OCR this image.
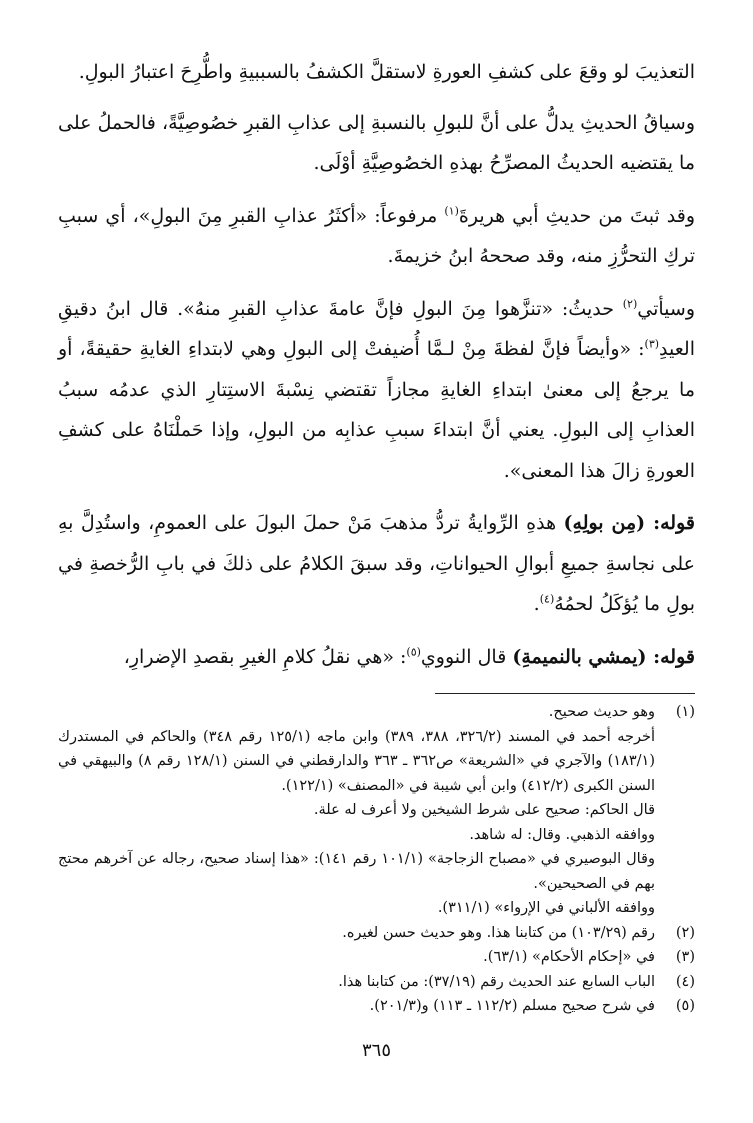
التعذيبَ لو وقعَ على كشفِ العورةِ لاستقلَّ الكشفُ بالسببيةِ واطُّرِحَ اعتبارُ البولِ.

وسياقُ الحديثِ يدلُّ على أنَّ للبولِ بالنسبةِ إلى عذابِ القبرِ خصُوصِيَّةً، فالحملُ على ما يقتضيه الحديثُ المصرِّحُ بهذهِ الخصُوصِيَّةِ أوْلَى.

وقد ثبتَ من حديثِ أبي هريرةَ$^{(١)}$ مرفوعاً: «أكثَرُ عذابِ القبرِ مِنَ البولِ»، أي سببِ تركِ التحرُّزِ منه، وقد صححهُ ابنُ خزيمةَ.

وسيأتي$^{(٢)}$ حديثُ: «تنزَّهوا مِنَ البولِ فإنَّ عامةَ عذابِ القبرِ منهُ». قال ابنُ دقيقِ العيدِ$^{(٣)}$: «وأيضاً فإنَّ لفظةَ مِنْ لـمَّا أُضيفتْ إلى البولِ وهي لابتداءِ الغايةِ حقيقةً، أو ما يرجعُ إلى معنىٰ ابتداءِ الغايةِ مجازاً تقتضي نِسْبةَ الاستِتارِ الذي عدمُه سببُ العذابِ إلى البولِ. يعني أنَّ ابتداءَ سببِ عذابِه من البولِ، وإذا حَملْنَاهُ على كشفِ العورةِ زالَ هذا المعنى».

قوله: (مِن بولِهِ) هذهِ الرِّوايةُ تردُّ مذهبَ مَنْ حملَ البولَ على العمومِ، واستُدِلَّ بهِ على نجاسةِ جميعِ أبوالِ الحيواناتِ، وقد سبقَ الكلامُ على ذلكَ في بابِ الرُّخصةِ في بولِ ما يُؤكَلُ لحمُهُ$^{(٤)}$.

قوله: (يمشي بالنميمةِ) قال النووي$^{(٥)}$: «هي نقلُ كلامِ الغيرِ بقصدِ الإضرارِ،

(١)
وهو حديث صحيح.
أخرجه أحمد في المسند (٣٢٦/٢، ٣٨٨، ٣٨٩) وابن ماجه (١٢٥/١ رقم ٣٤٨) والحاكم في المستدرك (١٨٣/١) والآجري في «الشريعة» ص٣٦٢ ـ ٣٦٣ والدارقطني في السنن (١٢٨/١ رقم ٨) والبيهقي في السنن الكبرى (٤١٢/٢) وابن أبي شيبة في «المصنف» (١٢٢/١).
قال الحاكم: صحيح على شرط الشيخين ولا أعرف له علة.
ووافقه الذهبي. وقال: له شاهد.
وقال البوصيري في «مصباح الزجاجة» (١٠١/١ رقم ١٤١): «هذا إسناد صحيح، رجاله عن آخرهم محتج بهم في الصحيحين».
ووافقه الألباني في الإرواء» (٣١١/١).
(٢)
رقم (١٠٣/٢٩) من كتابنا هذا. وهو حديث حسن لغيره.
(٣)
في «إحكام الأحكام» (٦٣/١).
(٤)
الباب السابع عند الحديث رقم (٣٧/١٩): من كتابنا هذا.
(٥)
في شرح صحيح مسلم (١١٢/٢ ـ ١١٣) و(٢٠١/٣).
٣٦٥
